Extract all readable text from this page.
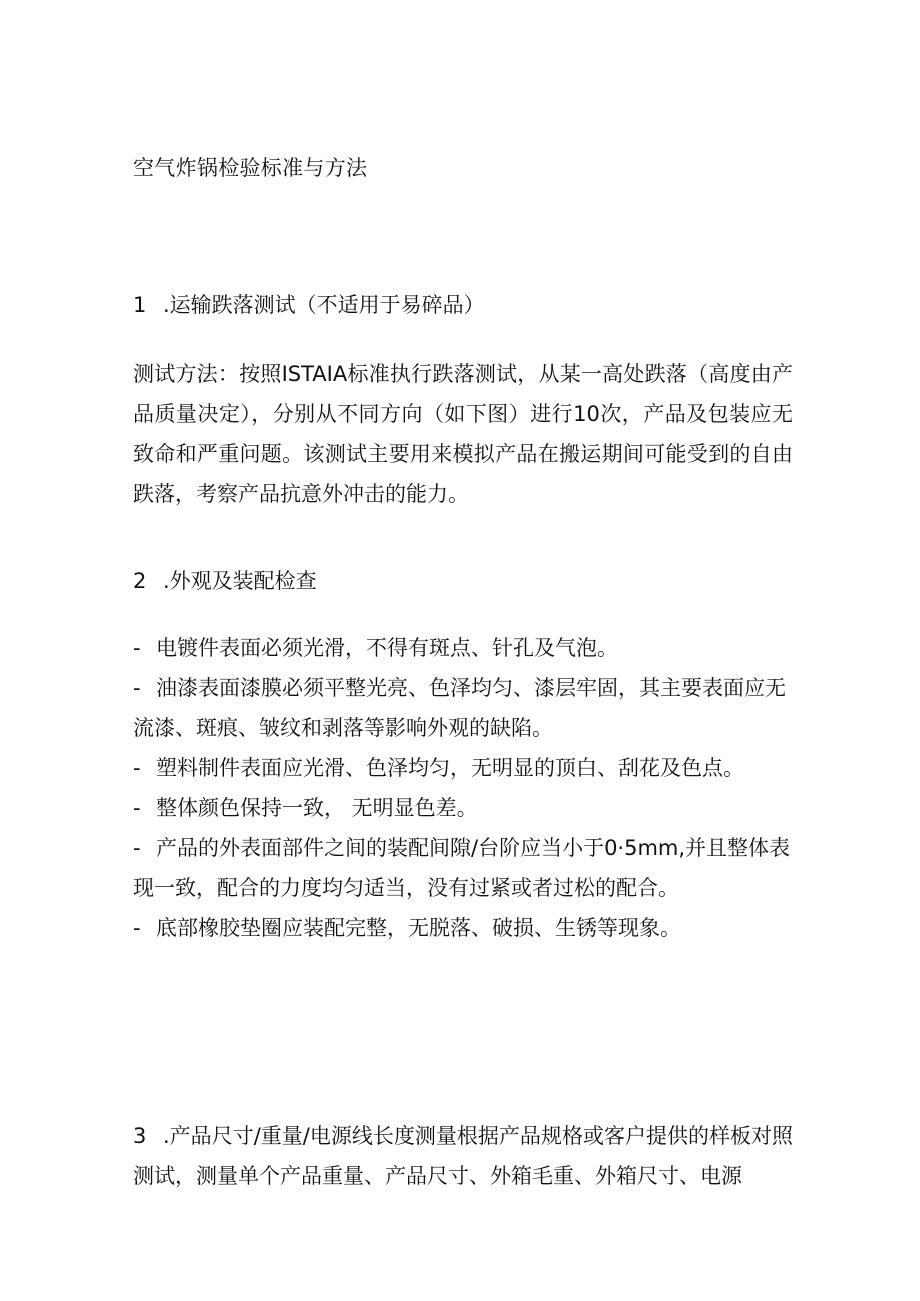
空气炸锅检验标准与方法
1 .运输跌落测试（不适用于易碎品）

测试方法：按照ISTAIA标准执行跌落测试，从某一高处跌落（高度由产品质量决定），分别从不同方向（如下图）进行10次，产品及包装应无致命和严重问题。该测试主要用来模拟产品在搬运期间可能受到的自由跌落，考察产品抗意外冲击的能力。

2 .外观及装配检查

- 电镀件表面必须光滑，不得有斑点、针孔及气泡。

- 油漆表面漆膜必须平整光亮、色泽均匀、漆层牢固，其主要表面应无流漆、斑痕、皱纹和剥落等影响外观的缺陷。

- 塑料制件表面应光滑、色泽均匀，无明显的顶白、刮花及色点。

- 整体颜色保持一致， 无明显色差。

- 产品的外表面部件之间的装配间隙/台阶应当小于0·5mm,并且整体表现一致，配合的力度均匀适当，没有过紧或者过松的配合。

- 底部橡胶垫圈应装配完整，无脱落、破损、生锈等现象。

3 .产品尺寸/重量/电源线长度测量根据产品规格或客户提供的样板对照测试，测量单个产品重量、产品尺寸、外箱毛重、外箱尺寸、电源
